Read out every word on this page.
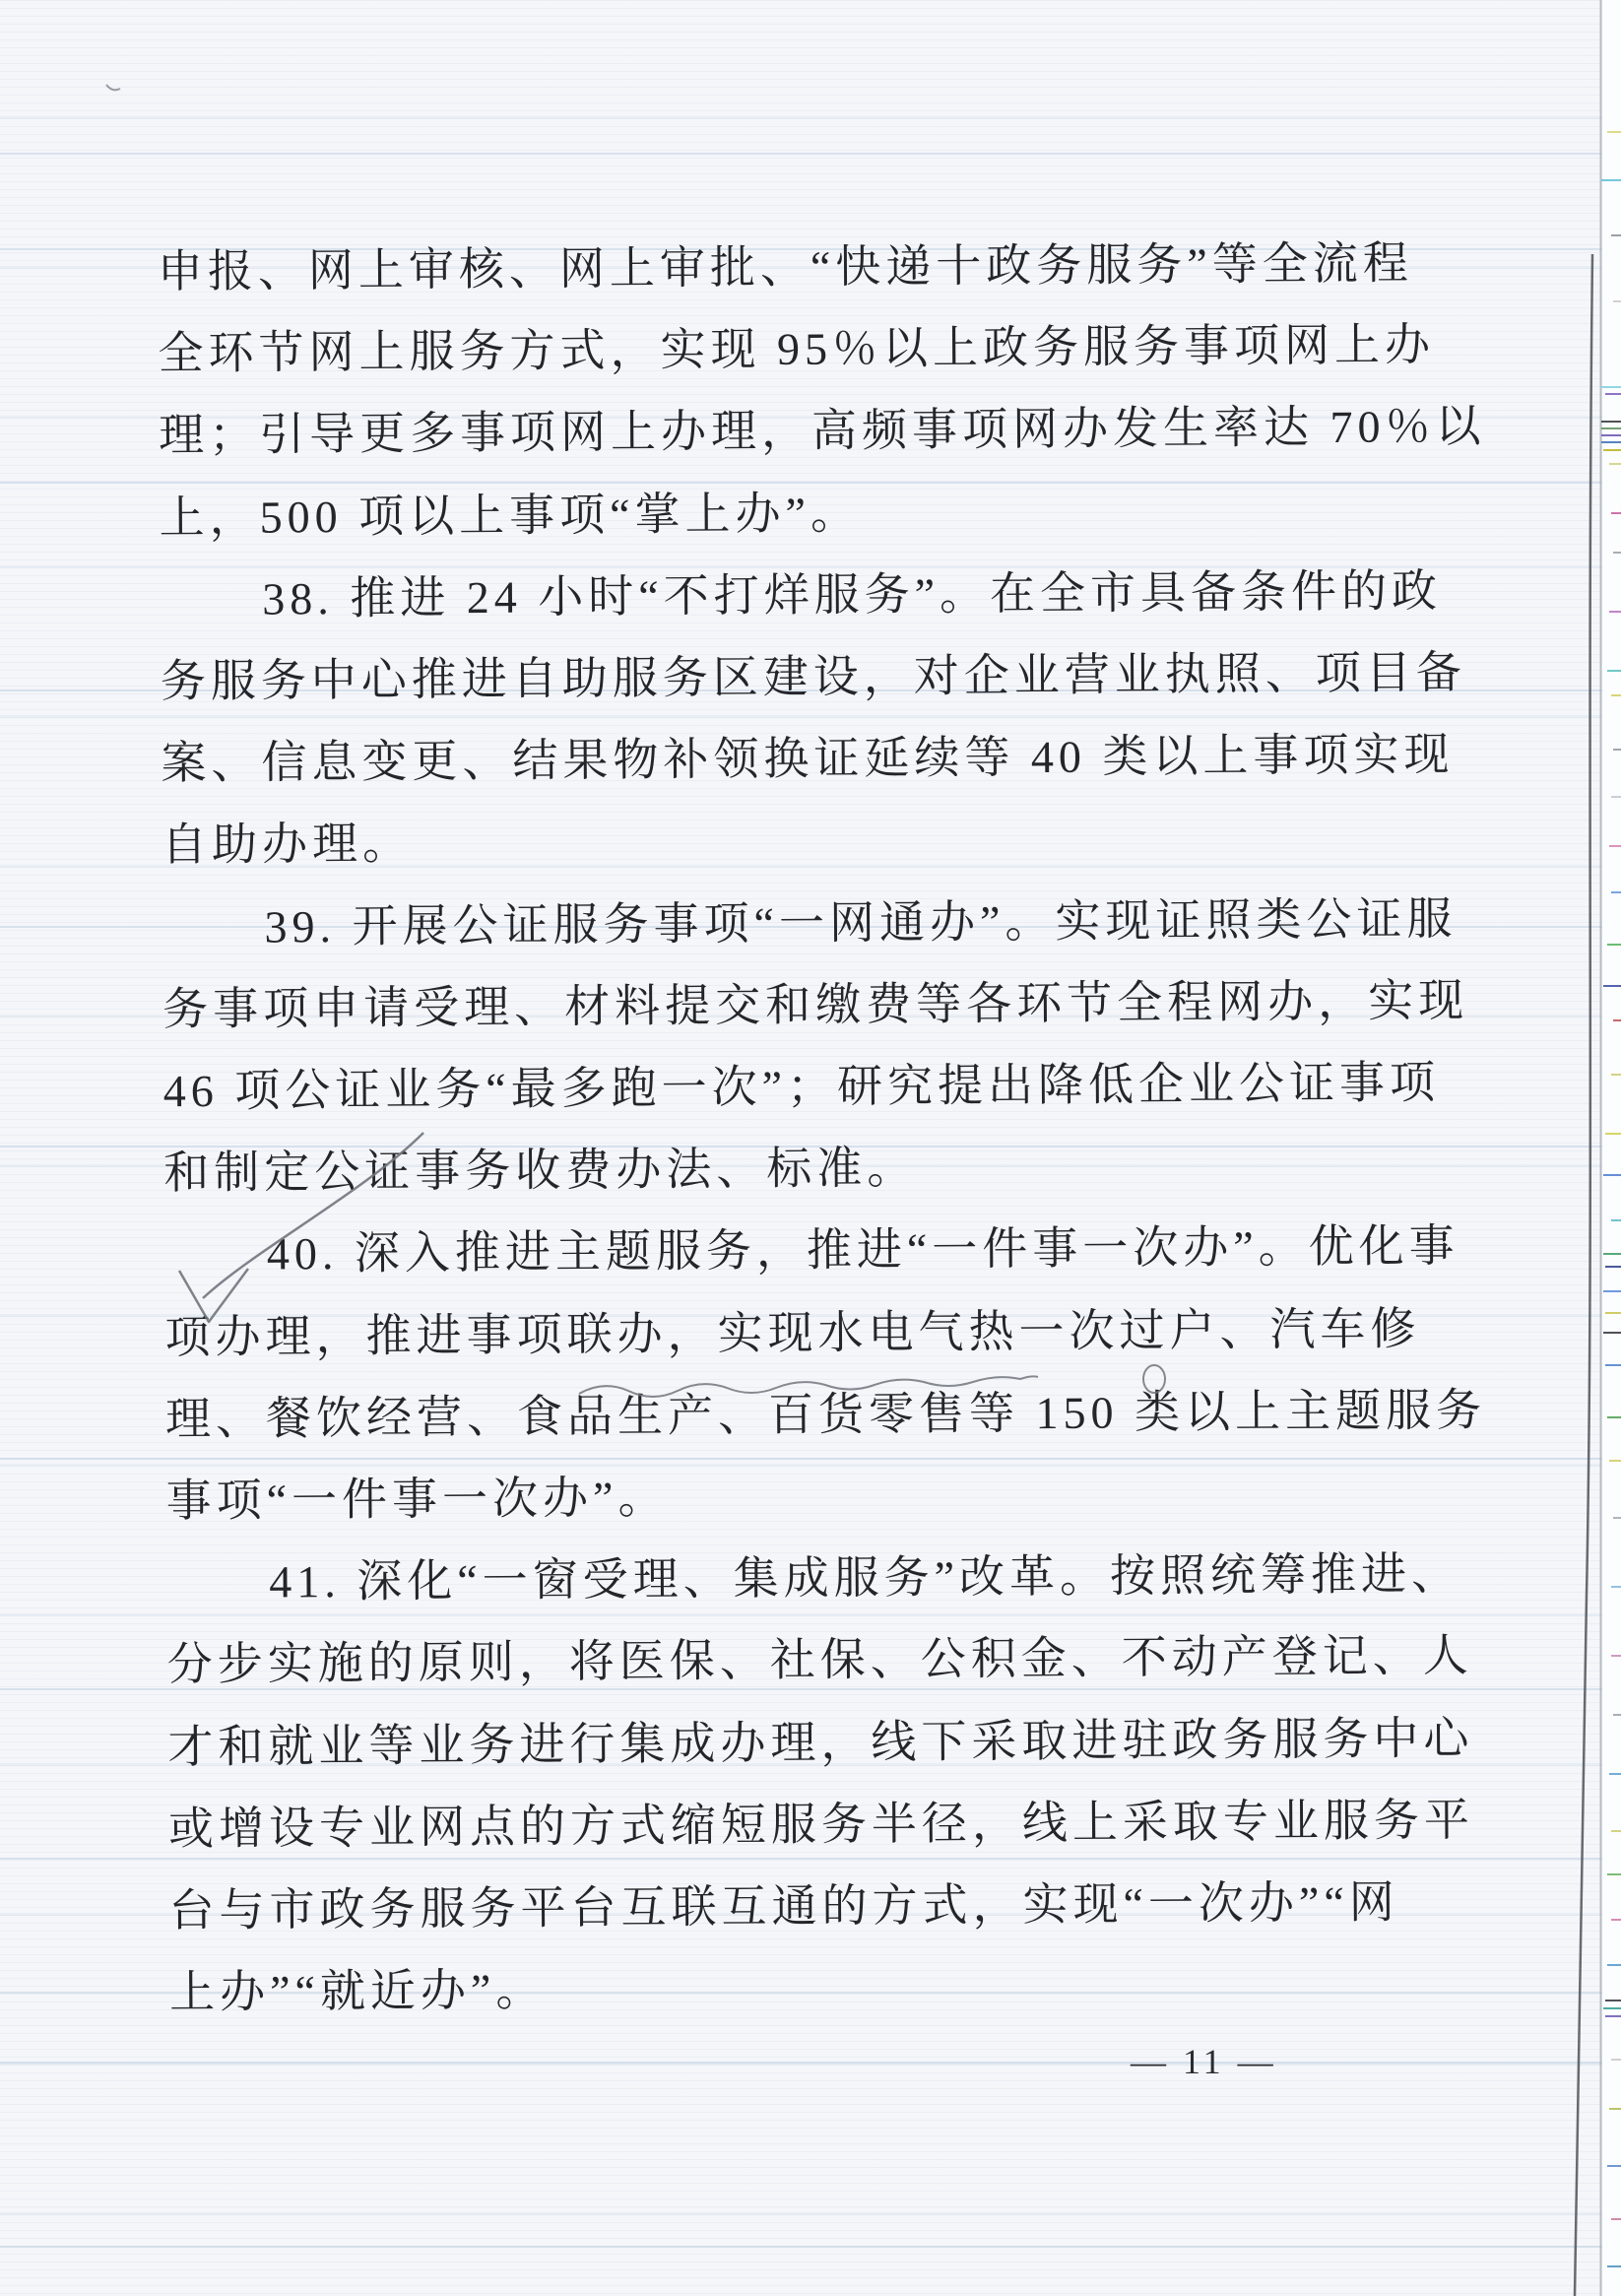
申报、网上审核、网上审批、“快递十政务服务”等全流程
全环节网上服务方式，实现 95％以上政务服务事项网上办
理；引导更多事项网上办理，高频事项网办发生率达 70％以
上，500 项以上事项“掌上办”。
38. 推进 24 小时“不打烊服务”。在全市具备条件的政
务服务中心推进自助服务区建设，对企业营业执照、项目备
案、信息变更、结果物补领换证延续等 40 类以上事项实现
自助办理。
39. 开展公证服务事项“一网通办”。实现证照类公证服
务事项申请受理、材料提交和缴费等各环节全程网办，实现
46 项公证业务“最多跑一次”；研究提出降低企业公证事项
和制定公证事务收费办法、标准。
40. 深入推进主题服务，推进“一件事一次办”。优化事
项办理，推进事项联办，实现水电气热一次过户、汽车修
理、餐饮经营、食品生产、百货零售等 150 类以上主题服务
事项“一件事一次办”。
41. 深化“一窗受理、集成服务”改革。按照统筹推进、
分步实施的原则，将医保、社保、公积金、不动产登记、人
才和就业等业务进行集成办理，线下采取进驻政务服务中心
或增设专业网点的方式缩短服务半径，线上采取专业服务平
台与市政务服务平台互联互通的方式，实现“一次办”“网
上办”“就近办”。
— 11 —
